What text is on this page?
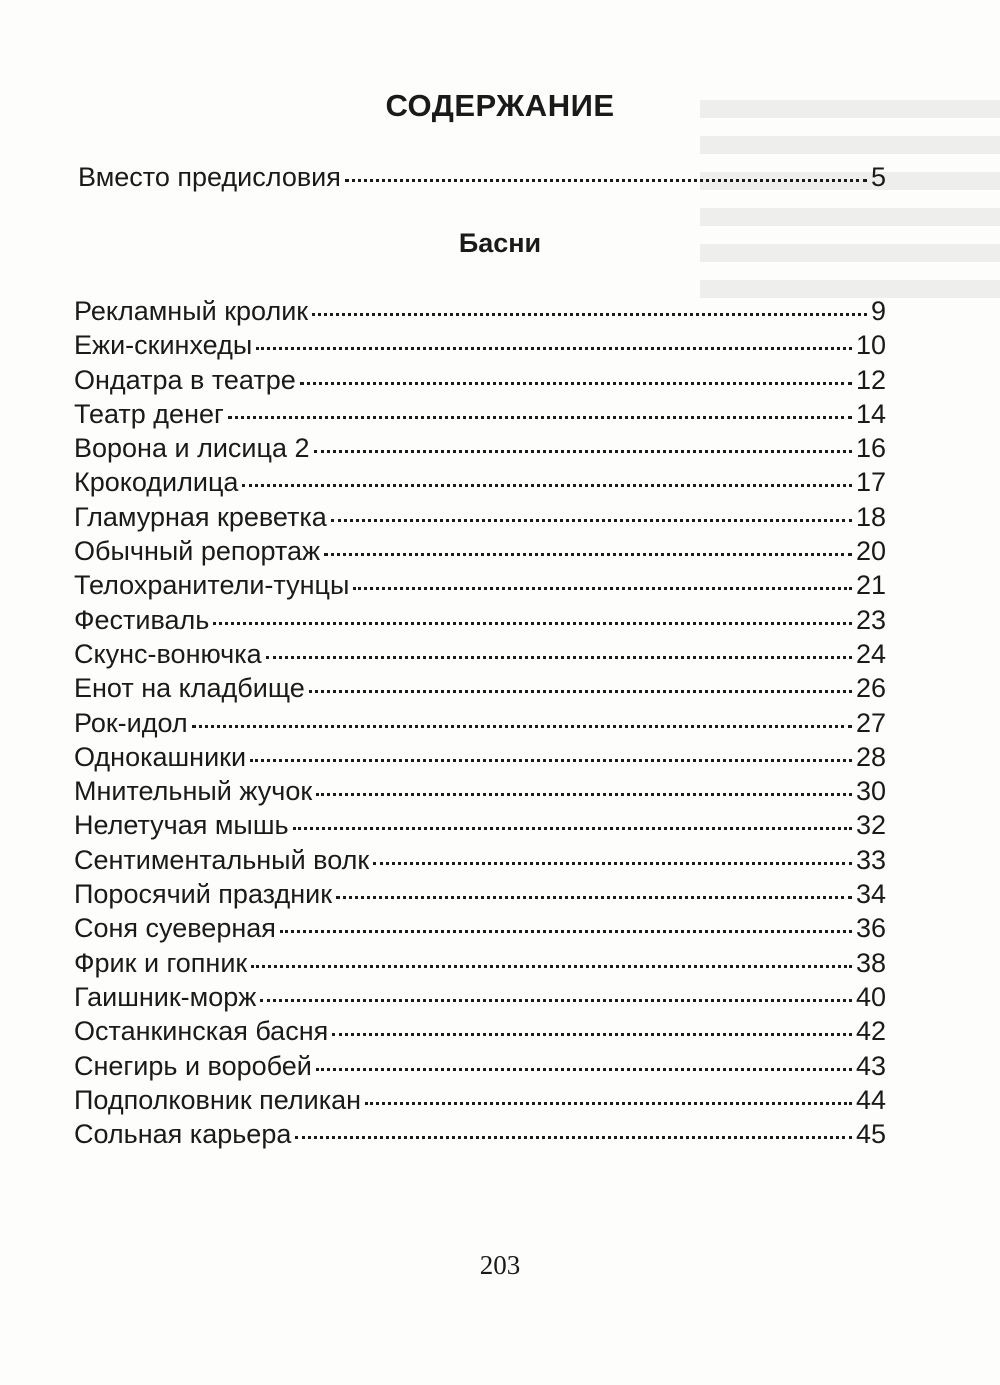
СОДЕРЖАНИЕ
Вместо предисловия	5
Басни
Рекламный кролик	9
Ежи-скинхеды	10
Ондатра в театре	12
Театр денег	14
Ворона и лисица 2	16
Крокодилица	17
Гламурная креветка	18
Обычный репортаж	20
Телохранители-тунцы	21
Фестиваль	23
Скунс-вонючка	24
Енот на кладбище	26
Рок-идол	27
Однокашники	28
Мнительный жучок	30
Нелетучая мышь	32
Сентиментальный волк	33
Поросячий праздник	34
Соня суеверная	36
Фрик и гопник	38
Гаишник-морж	40
Останкинская басня	42
Снегирь и воробей	43
Подполковник пеликан	44
Сольная карьера	45
203
